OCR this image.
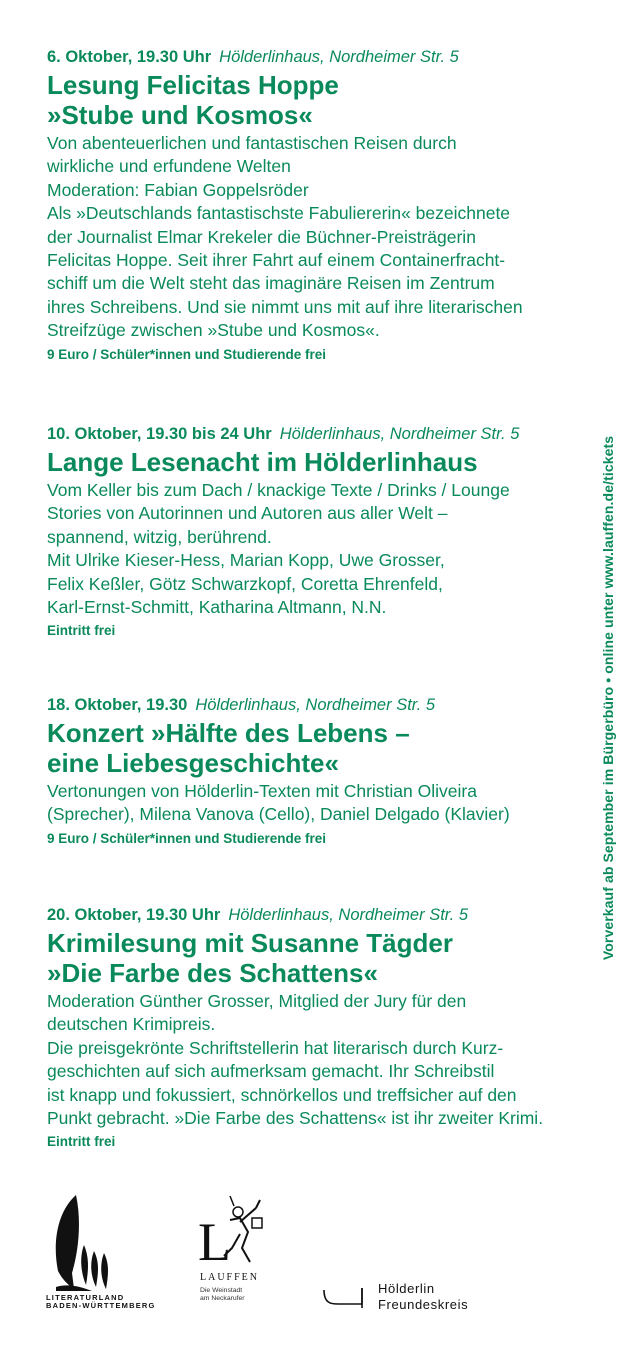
6. Oktober, 19.30 Uhr Hölderlinhaus, Nordheimer Str. 5
Lesung Felicitas Hoppe
»Stube und Kosmos«

Von abenteuerlichen und fantastischen Reisen durch

wirkliche und erfundene Welten

Moderation: Fabian Goppelsröder

Als »Deutschlands fantastischste Fabuliererin« bezeichnete

der Journalist Elmar Krekeler die Büchner-Preisträgerin

Felicitas Hoppe. Seit ihrer Fahrt auf einem Containerfracht-

schiff um die Welt steht das imaginäre Reisen im Zentrum

ihres Schreibens. Und sie nimmt uns mit auf ihre literarischen

Streifzüge zwischen »Stube und Kosmos«.

9 Euro / Schüler*innen und Studierende frei
10. Oktober, 19.30 bis 24 Uhr Hölderlinhaus, Nordheimer Str. 5
Lange Lesenacht im Hölderlinhaus

Vom Keller bis zum Dach / knackige Texte / Drinks / Lounge

Stories von Autorinnen und Autoren aus aller Welt –

spannend, witzig, berührend.

Mit Ulrike Kieser-Hess, Marian Kopp, Uwe Grosser,

Felix Keßler, Götz Schwarzkopf, Coretta Ehrenfeld,

Karl-Ernst-Schmitt, Katharina Altmann, N.N.

Eintritt frei
18. Oktober, 19.30 Hölderlinhaus, Nordheimer Str. 5
Konzert »Hälfte des Lebens –
eine Liebesgeschichte«

Vertonungen von Hölderlin-Texten mit Christian Oliveira

(Sprecher), Milena Vanova (Cello), Daniel Delgado (Klavier)

9 Euro / Schüler*innen und Studierende frei
20. Oktober, 19.30 Uhr Hölderlinhaus, Nordheimer Str. 5
Krimilesung mit Susanne Tägder
»Die Farbe des Schattens«

Moderation Günther Grosser, Mitglied der Jury für den

deutschen Krimipreis.

Die preisgekrönte Schriftstellerin hat literarisch durch Kurz-

geschichten auf sich aufmerksam gemacht. Ihr Schreibstil

ist knapp und fokussiert, schnörkellos und treffsicher auf den

Punkt gebracht. »Die Farbe des Schattens« ist ihr zweiter Krimi.

Eintritt frei
Vorverkauf ab September im Bürgerbüro • online unter www.lauffen.de/tickets
LITERATURLAND
BADEN-WÜRTTEMBERG
L
LAUFFEN
Die Weinstadt
am Neckarufer
Hölderlin
Freundeskreis
